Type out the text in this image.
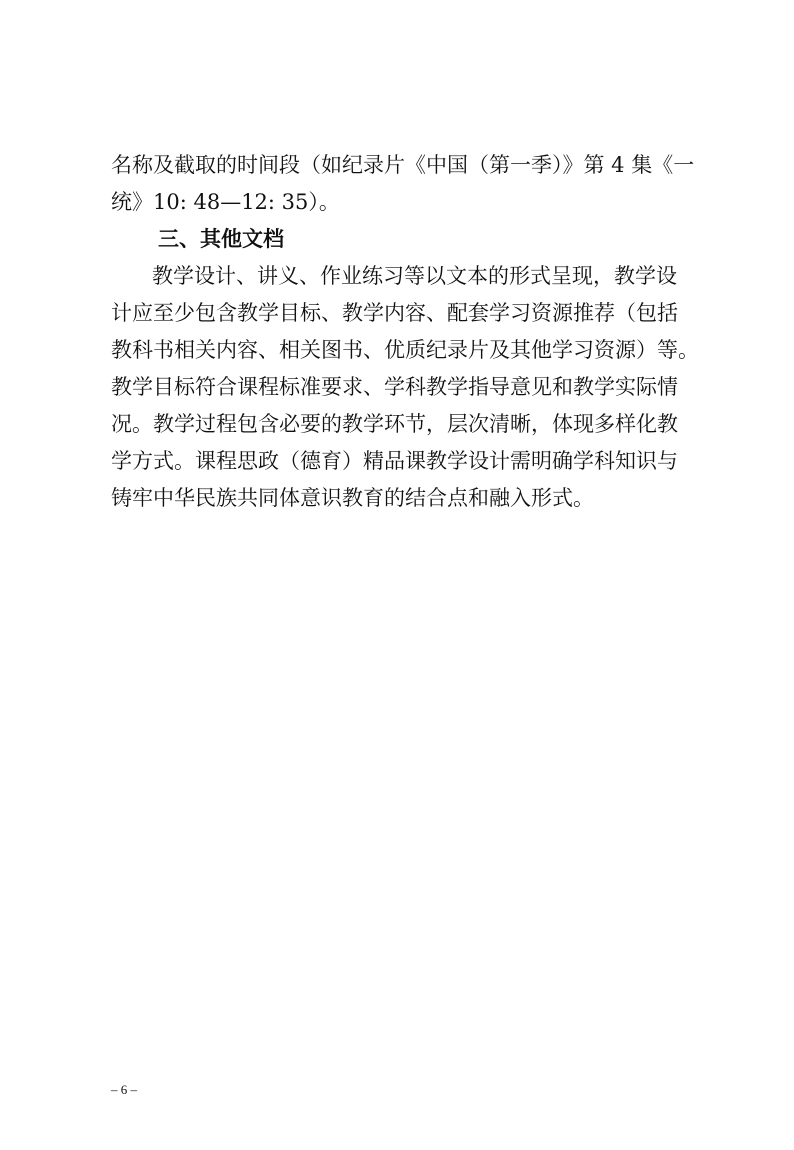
名称及截取的时间段（如纪录片《中国（第一季）》第 4 集《一
统》10: 48—12: 35）。
三、其他文档
教学设计、讲义、作业练习等以文本的形式呈现，教学设
计应至少包含教学目标、教学内容、配套学习资源推荐（包括
教科书相关内容、相关图书、优质纪录片及其他学习资源）等。
教学目标符合课程标准要求、学科教学指导意见和教学实际情
况。教学过程包含必要的教学环节，层次清晰，体现多样化教
学方式。课程思政（德育）精品课教学设计需明确学科知识与
铸牢中华民族共同体意识教育的结合点和融入形式。
– 6 –
